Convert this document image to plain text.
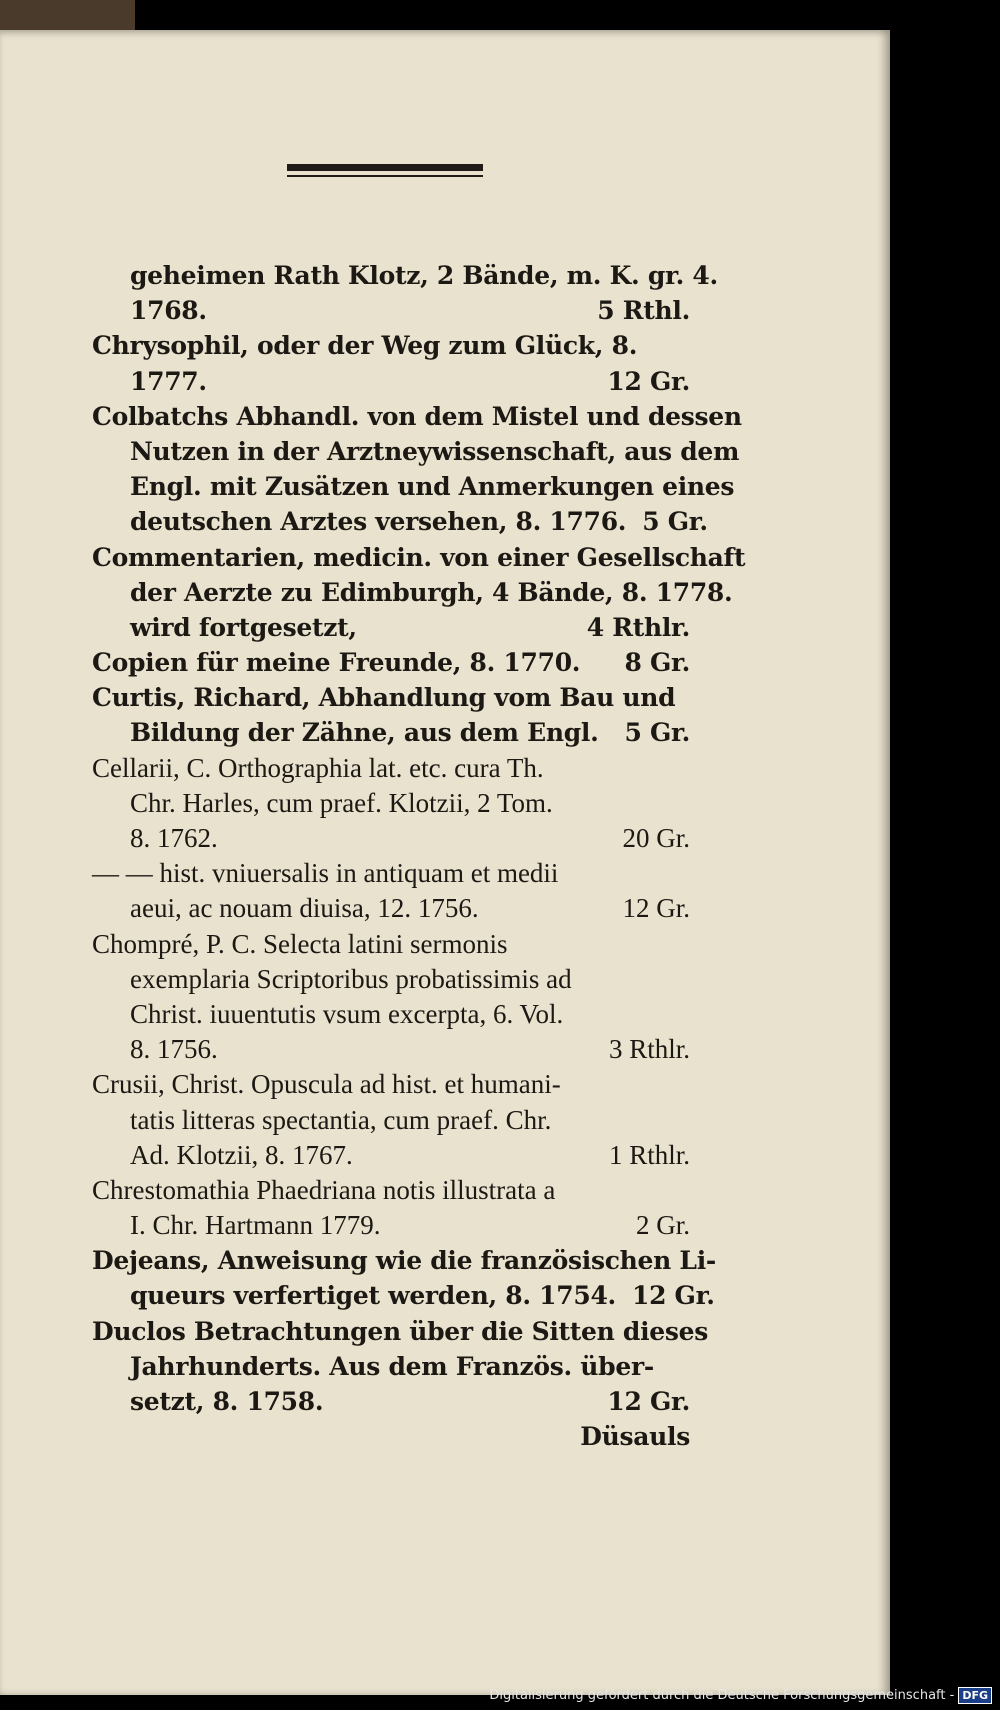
geheimen Rath Klotz, 2 Bände, m. K. gr. 4.
1768.	5 Rthl.
Chrysophil, oder der Weg zum Glück, 8.
1777.	12 Gr.
Colbatchs Abhandl. von dem Mistel und dessen
Nutzen in der Arztneywissenschaft, aus dem
Engl. mit Zusätzen und Anmerkungen eines
deutschen Arztes versehen, 8. 1776. 5 Gr.
Commentarien, medicin. von einer Gesellschaft
der Aerzte zu Edimburgh, 4 Bände, 8. 1778.
wird fortgesetzt,	4 Rthlr.
Copien für meine Freunde, 8. 1770.	8 Gr.
Curtis, Richard, Abhandlung vom Bau und
Bildung der Zähne, aus dem Engl.	5 Gr.
Cellarii, C. Orthographia lat. etc. cura Th.
Chr. Harles, cum praef. Klotzii, 2 Tom.
8. 1762.	20 Gr.
— — hist. vniuersalis in antiquam et medii
aeui, ac nouam diuisa, 12. 1756.	12 Gr.
Chompré, P. C. Selecta latini sermonis
exemplaria Scriptoribus probatissimis ad
Christ. iuuentutis vsum excerpta, 6. Vol.
8. 1756.	3 Rthlr.
Crusii, Christ. Opuscula ad hist. et humani-
tatis litteras spectantia, cum praef. Chr.
Ad. Klotzii, 8. 1767.	1 Rthlr.
Chrestomathia Phaedriana notis illustrata a
I. Chr. Hartmann 1779.	2 Gr.
Dejeans, Anweisung wie die französischen Li-
queurs verfertiget werden, 8. 1754. 12 Gr.
Duclos Betrachtungen über die Sitten dieses
Jahrhunderts. Aus dem Französ. über-
setzt, 8. 1758.	12 Gr.
Düsauls
Digitalisierung gefördert durch die Deutsche Forschungsgemeinschaft - DFG
